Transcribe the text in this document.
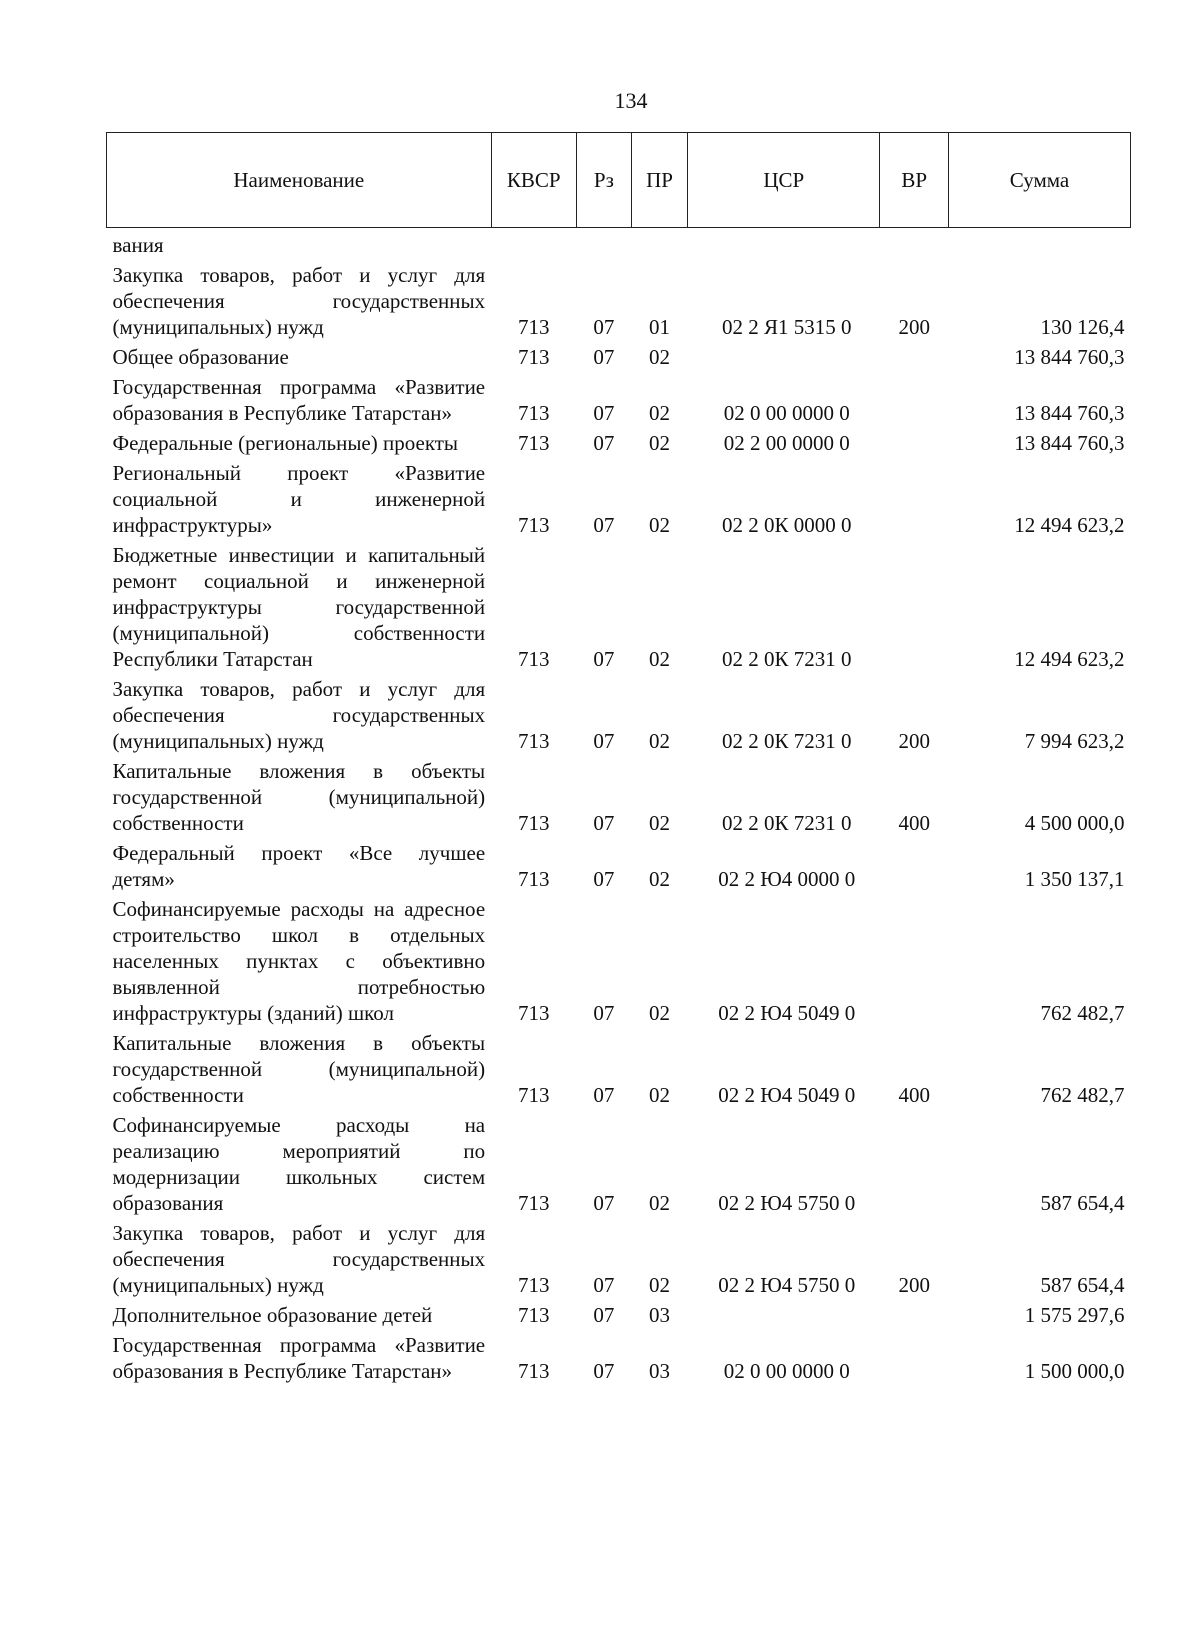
134
Наименование	КВСР	Рз	ПР	ЦСР	ВР	Сумма
вания						
Закупка товаров, работ и услуг для обеспечения государственных (муниципальных) нужд	713	07	01	02 2 Я1 5315 0	200	130 126,4
Общее образование	713	07	02			13 844 760,3
Государственная программа «Развитие образования в Республике Татарстан»	713	07	02	02 0 00 0000 0		13 844 760,3
Федеральные (региональные) проекты	713	07	02	02 2 00 0000 0		13 844 760,3
Региональный проект «Развитие социальной и инженерной инфраструктуры»	713	07	02	02 2 0К 0000 0		12 494 623,2
Бюджетные инвестиции и капитальный ремонт социальной и инженерной инфраструктуры государственной (муниципальной) собственности Республики Татарстан	713	07	02	02 2 0К 7231 0		12 494 623,2
Закупка товаров, работ и услуг для обеспечения государственных (муниципальных) нужд	713	07	02	02 2 0К 7231 0	200	7 994 623,2
Капитальные вложения в объекты государственной (муниципальной) собственности	713	07	02	02 2 0К 7231 0	400	4 500 000,0
Федеральный проект «Все лучшее детям»	713	07	02	02 2 Ю4 0000 0		1 350 137,1
Софинансируемые расходы на адресное строительство школ в отдельных населенных пунктах с объективно выявленной потребностью инфраструктуры (зданий) школ	713	07	02	02 2 Ю4 5049 0		762 482,7
Капитальные вложения в объекты государственной (муниципальной) собственности	713	07	02	02 2 Ю4 5049 0	400	762 482,7
Софинансируемые расходы на реализацию мероприятий по модернизации школьных систем образования	713	07	02	02 2 Ю4 5750 0		587 654,4
Закупка товаров, работ и услуг для обеспечения государственных (муниципальных) нужд	713	07	02	02 2 Ю4 5750 0	200	587 654,4
Дополнительное образование детей	713	07	03			1 575 297,6
Государственная программа «Развитие образования в Республике Татарстан»	713	07	03	02 0 00 0000 0		1 500 000,0
